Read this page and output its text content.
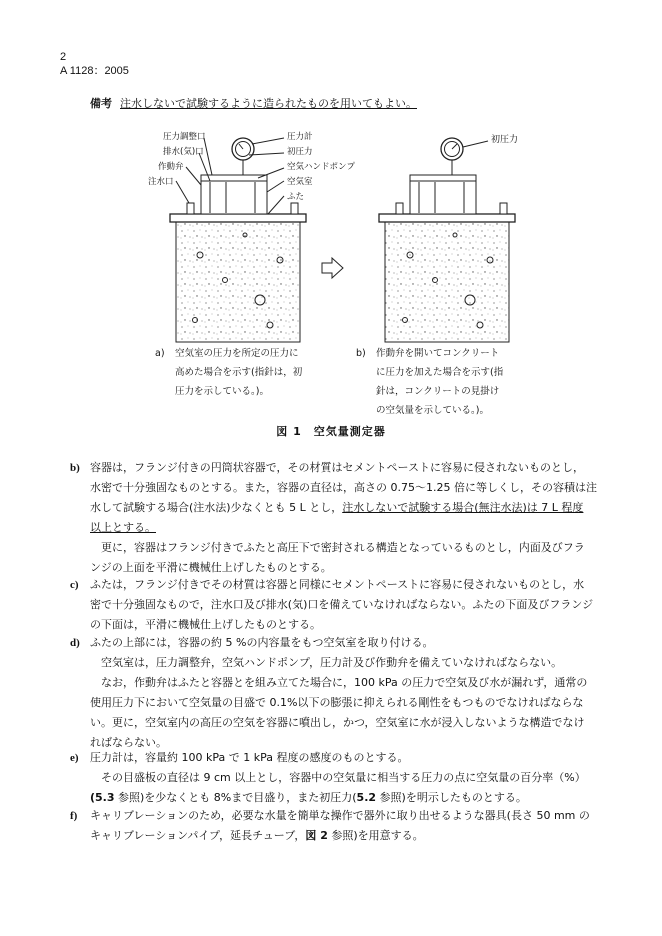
2
A 1128：2005
備考 注水しないで試験するように造られたものを用いてもよい。
圧力調整口
排水(気)口
作動弁
注水口
圧力計
初圧力
空気ハンドポンプ
空気室
ふた
初圧力
a) 空気室の圧力を所定の圧力に
高めた場合を示す(指針は，初
圧力を示している。)。
b) 作動弁を開いてコンクリート
に圧力を加えた場合を示す(指
針は，コンクリートの見掛け
の空気量を示している。)。
図 1　空気量測定器
b) 容器は，フランジ付きの円筒状容器で，その材質はセメントペーストに容易に侵されないものとし，
水密で十分強固なものとする。また，容器の直径は，高さの 0.75〜1.25 倍に等しくし，その容積は注
水して試験する場合(注水法)少なくとも 5 L とし，注水しないで試験する場合(無注水法)は 7 L 程度
以上とする。
更に，容器はフランジ付きでふたと高圧下で密封される構造となっているものとし，内面及びフラ
ンジの上面を平滑に機械仕上げしたものとする。
c) ふたは，フランジ付きでその材質は容器と同様にセメントペーストに容易に侵されないものとし，水
密で十分強固なもので，注水口及び排水(気)口を備えていなければならない。ふたの下面及びフランジ
の下面は，平滑に機械仕上げしたものとする。
d) ふたの上部には，容器の約 5 %の内容量をもつ空気室を取り付ける。
空気室は，圧力調整弁，空気ハンドポンプ，圧力計及び作動弁を備えていなければならない。
なお，作動弁はふたと容器とを組み立てた場合に，100 kPa の圧力で空気及び水が漏れず，通常の
使用圧力下において空気量の目盛で 0.1%以下の膨張に抑えられる剛性をもつものでなければならな
い。更に，空気室内の高圧の空気を容器に噴出し，かつ，空気室に水が浸入しないような構造でなけ
ればならない。
e) 圧力計は，容量約 100 kPa で 1 kPa 程度の感度のものとする。
その目盛板の直径は 9 cm 以上とし，容器中の空気量に相当する圧力の点に空気量の百分率（%）
(5.3 参照)を少なくとも 8%まで目盛り，また初圧力(5.2 参照)を明示したものとする。
f) キャリブレーションのため，必要な水量を簡単な操作で器外に取り出せるような器具(長さ 50 mm の
キャリブレーションパイプ，延長チューブ，図 2 参照)を用意する。
